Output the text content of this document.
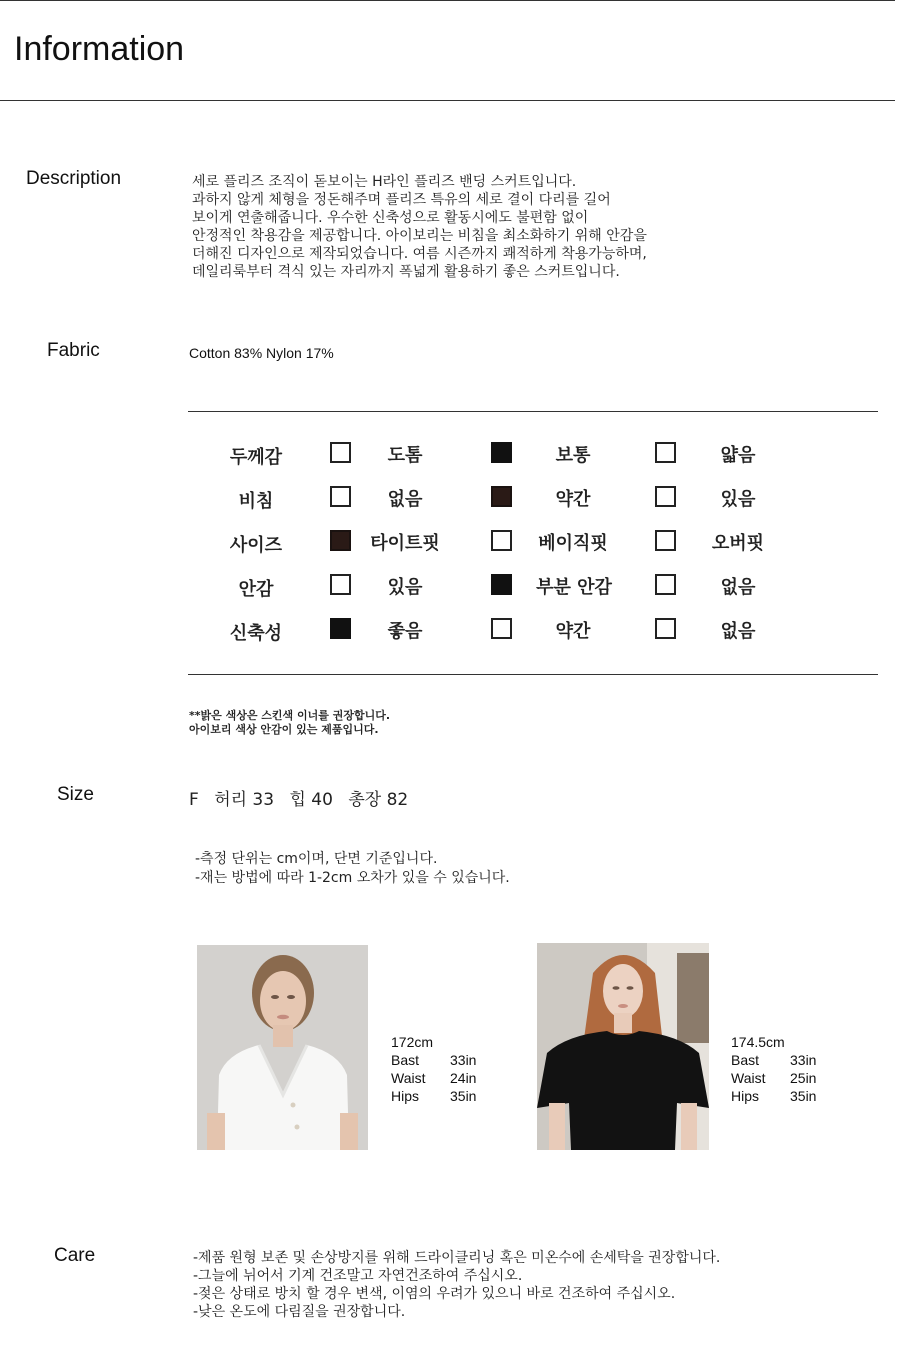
Information
Description	세로 플리즈 조직이 돋보이는 H라인 플리즈 밴딩 스커트입니다.
과하지 않게 체형을 정돈해주며 플리즈 특유의 세로 결이 다리를 길어
보이게 연출해줍니다. 우수한 신축성으로 활동시에도 불편함 없이
안정적인 착용감을 제공합니다. 아이보리는 비침을 최소화하기 위해 안감을
더해진 디자인으로 제작되었습니다. 여름 시즌까지 쾌적하게 착용가능하며,
데일리룩부터 격식 있는 자리까지 폭넓게 활용하기 좋은 스커트입니다.
Fabric	Cotton 83% Nylon 17%
두께감	도톰	보통	얇음
비침	없음	약간	있음
사이즈	타이트핏	베이직핏	오버핏
안감	있음	부분 안감	없음
신축성	좋음	약간	없음
**밝은 색상은 스킨색 이너를 권장합니다.
아이보리 색상 안감이 있는 제품입니다.
Size	F 허리 33 힙 40 총장 82
-측정 단위는 cm이며, 단면 기준입니다.
-재는 방법에 따라 1-2cm 오차가 있을 수 있습니다.
172cm
Bast	33in
Waist	24in
Hips	35in
174.5cm
Bast	33in
Waist	25in
Hips	35in
Care	-제품 원형 보존 및 손상방지를 위해 드라이클리닝 혹은 미온수에 손세탁을 권장합니다.
-그늘에 뉘어서 기계 건조말고 자연건조하여 주십시오.
-젖은 상태로 방치 할 경우 변색, 이염의 우려가 있으니 바로 건조하여 주십시오.
-낮은 온도에 다림질을 권장합니다.
